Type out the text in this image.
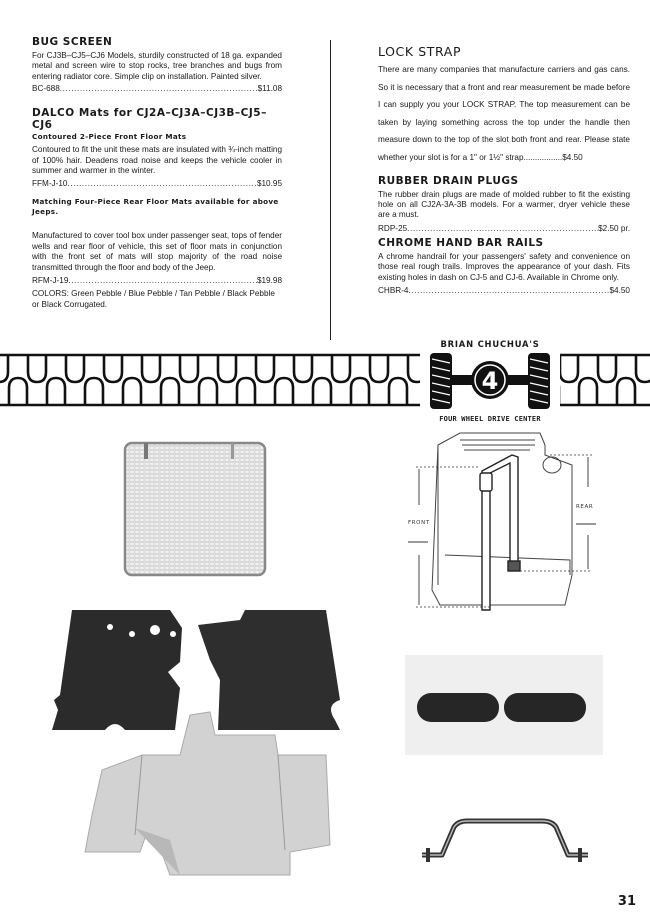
BUG SCREEN

For CJ3B–CJ5–CJ6 Models, sturdily constructed of 18 ga. expanded metal and screen wire to stop rocks, tree branches and bugs from entering radiator core. Simple clip on installation. Painted silver.

BC-688 .....	$11.08
DALCO Mats for CJ2A–CJ3A–CJ3B–CJ5–CJ6
Contoured 2-Piece Front Floor Mats

Contoured to fit the unit these mats are insulated with ¾-inch matting of 100% hair. Deadens road noise and keeps the vehicle cooler in summer and warmer in the winter.

FFM-J-10 .....	$10.95
Matching Four-Piece Rear Floor Mats available for above Jeeps.

Manufactured to cover tool box under passenger seat, tops of fender wells and rear floor of vehicle, this set of floor mats in conjunction with the front set of mats will stop majority of the road noise transmitted through the floor and body of the Jeep.

RFM-J-19 .....	$19.98
COLORS: Green Pebble / Blue Pebble / Tan Pebble / Black Pebble or Black Corrugated.
LOCK STRAP

There are many companies that manufacture carriers and gas cans. So it is necessary that a front and rear measurement be made before I can supply you your LOCK STRAP. The top measurement can be taken by laying something across the top under the handle then measure down to the top of the slot both front and rear. Please state whether your slot is for a 1" or 1½" strap.................$4.50

RUBBER DRAIN PLUGS

The rubber drain plugs are made of molded rubber to fit the existing hole on all CJ2A-3A-3B models. For a warmer, dryer vehicle these are a must.

RDP-25 .....	$2.50 pr.
CHROME HAND BAR RAILS

A chrome handrail for your passengers' safety and convenience on those real rough trails. Improves the appearance of your dash. Fits existing holes in dash on CJ-5 and CJ-6. Available in Chrome only.

CHBR-4 .....	$4.50
BRIAN CHUCHUA'S
4
FOUR WHEEL DRIVE CENTER
FRONT
REAR
31
